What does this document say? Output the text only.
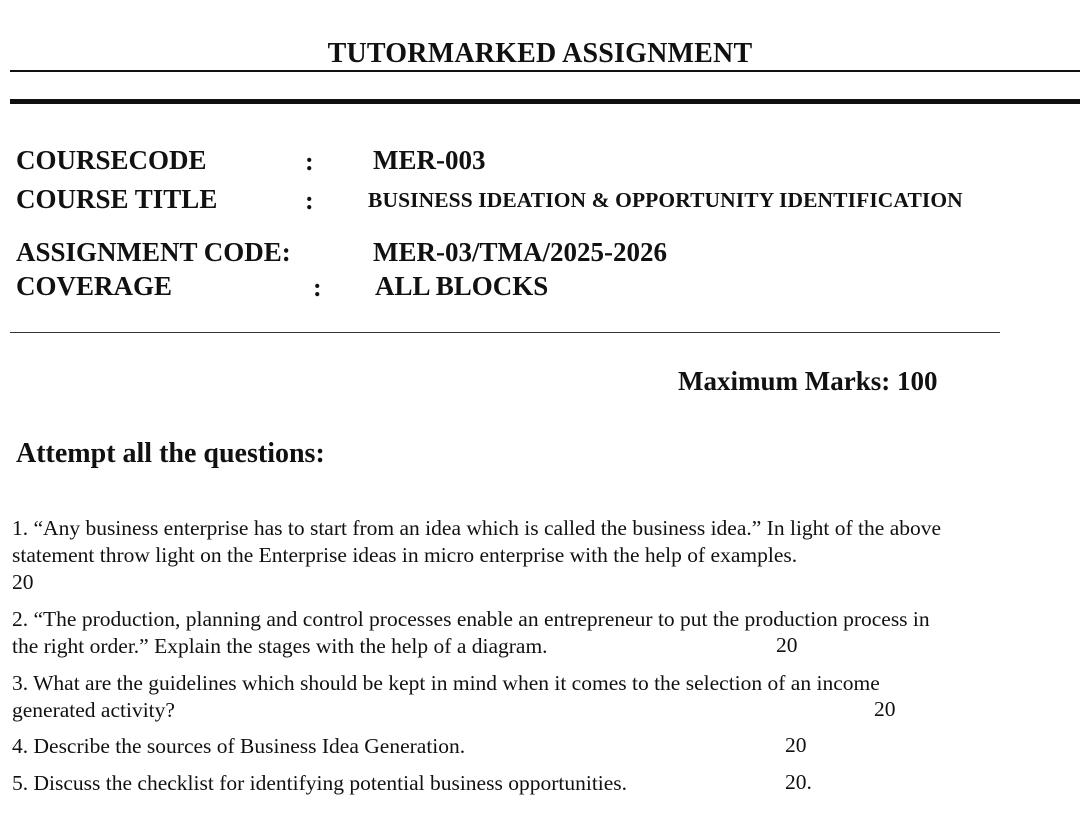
TUTORMARKED ASSIGNMENT
COURSECODE	: MER-003
COURSE TITLE	:	BUSINESS IDEATION & OPPORTUNITY IDENTIFICATION
ASSIGNMENT CODE:	MER-03/TMA/2025-2026
COVERAGE	: ALL BLOCKS
Maximum Marks: 100
Attempt all the questions:
1. “Any business enterprise has to start from an idea which is called the business idea.” In light of the above
statement throw light on the Enterprise ideas in micro enterprise with the help of examples.
20
2. “The production, planning and control processes enable an entrepreneur to put the production process in
the right order.” Explain the stages with the help of a diagram.	20
3. What are the guidelines which should be kept in mind when it comes to the selection of an income
generated activity?	20
4. Describe the sources of Business Idea Generation.	20
5. Discuss the checklist for identifying potential business opportunities.	20.
